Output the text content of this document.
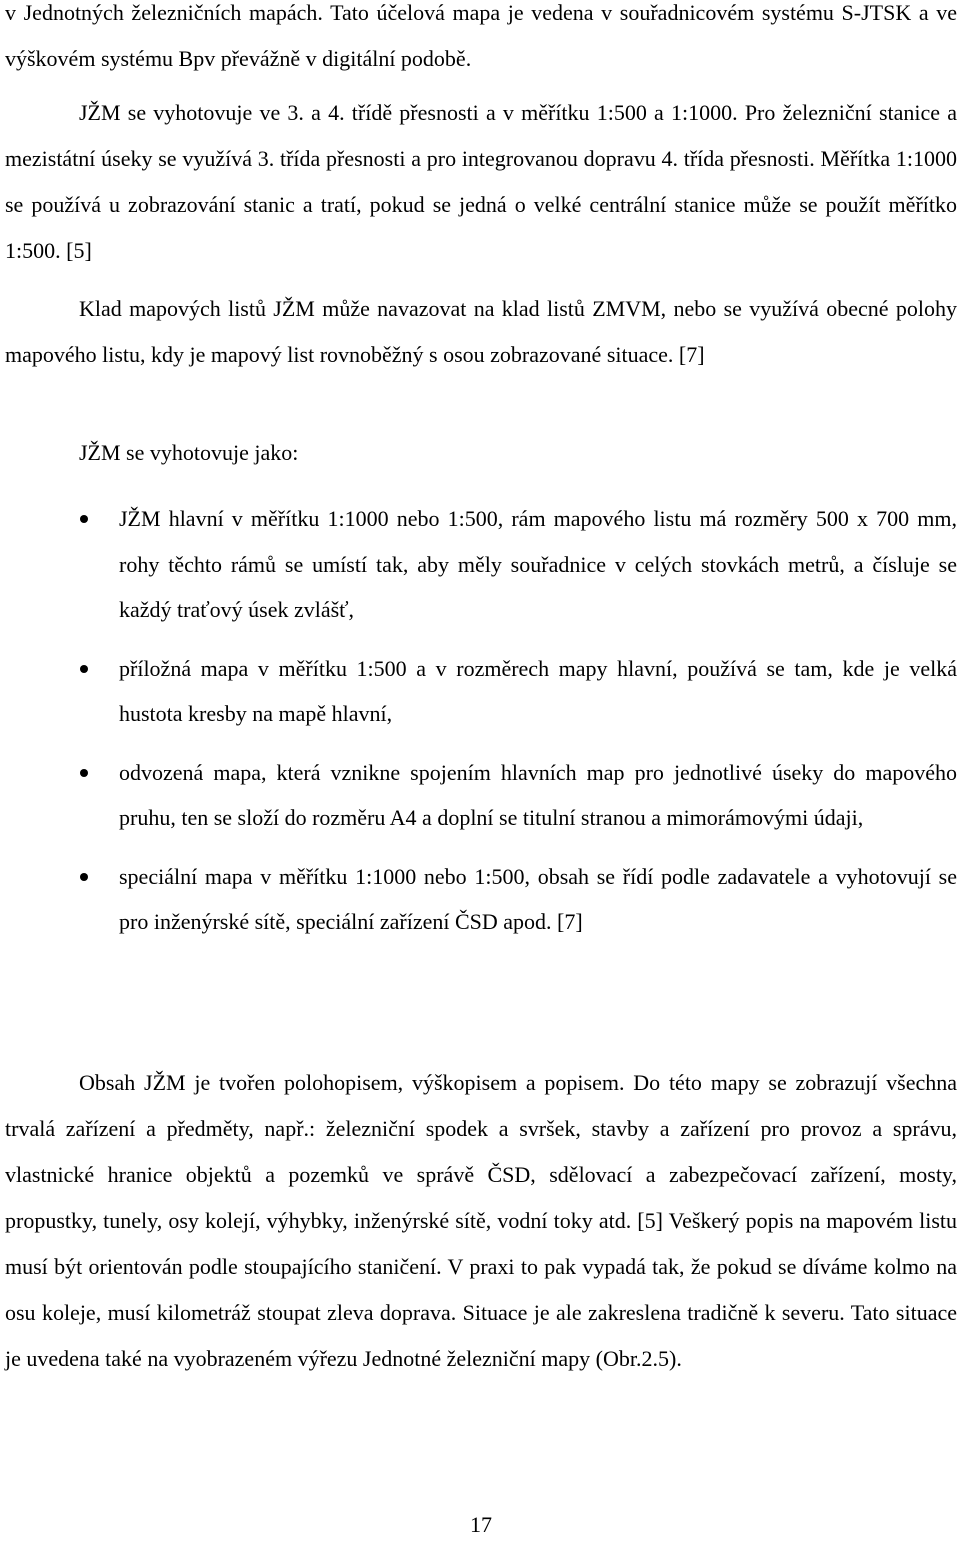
v Jednotných železničních mapách. Tato účelová mapa je vedena v souřadnicovém systému S-JTSK a ve výškovém systému Bpv převážně v digitální podobě.

JŽM se vyhotovuje ve 3. a 4. třídě přesnosti a v měřítku 1:500 a 1:1000. Pro železniční stanice a mezistátní úseky se využívá 3. třída přesnosti a pro integrovanou dopravu 4. třída přesnosti. Měřítka 1:1000 se používá u zobrazování stanic a tratí, pokud se jedná o velké centrální stanice může se použít měřítko 1:500. [5]

Klad mapových listů JŽM může navazovat na klad listů ZMVM, nebo se využívá obecné polohy mapového listu, kdy je mapový list rovnoběžný s osou zobrazované situace. [7]

JŽM se vyhotovuje jako:

JŽM hlavní v měřítku 1:1000 nebo 1:500, rám mapového listu má rozměry 500 x 700 mm, rohy těchto rámů se umístí tak, aby měly souřadnice v celých stovkách metrů, a čísluje se každý traťový úsek zvlášť,
příložná mapa v měřítku 1:500 a v rozměrech mapy hlavní, používá se tam, kde je velká hustota kresby na mapě hlavní,
odvozená mapa, která vznikne spojením hlavních map pro jednotlivé úseky do mapového pruhu, ten se složí do rozměru A4 a doplní se titulní stranou a mimorámovými údaji,
speciální mapa v měřítku 1:1000 nebo 1:500, obsah se řídí podle zadavatele a vyhotovují se pro inženýrské sítě, speciální zařízení ČSD apod. [7]

Obsah JŽM je tvořen polohopisem, výškopisem a popisem. Do této mapy se zobrazují všechna trvalá zařízení a předměty, např.: železniční spodek a svršek, stavby a zařízení pro provoz a správu, vlastnické hranice objektů a pozemků ve správě ČSD, sdělovací a zabezpečovací zařízení, mosty, propustky, tunely, osy kolejí, výhybky, inženýrské sítě, vodní toky atd. [5] Veškerý popis na mapovém listu musí být orientován podle stoupajícího staničení. V praxi to pak vypadá tak, že pokud se díváme kolmo na osu koleje, musí kilometráž stoupat zleva doprava. Situace je ale zakreslena tradičně k severu. Tato situace je uvedena také na vyobrazeném výřezu Jednotné železniční mapy (Obr.2.5).

17
